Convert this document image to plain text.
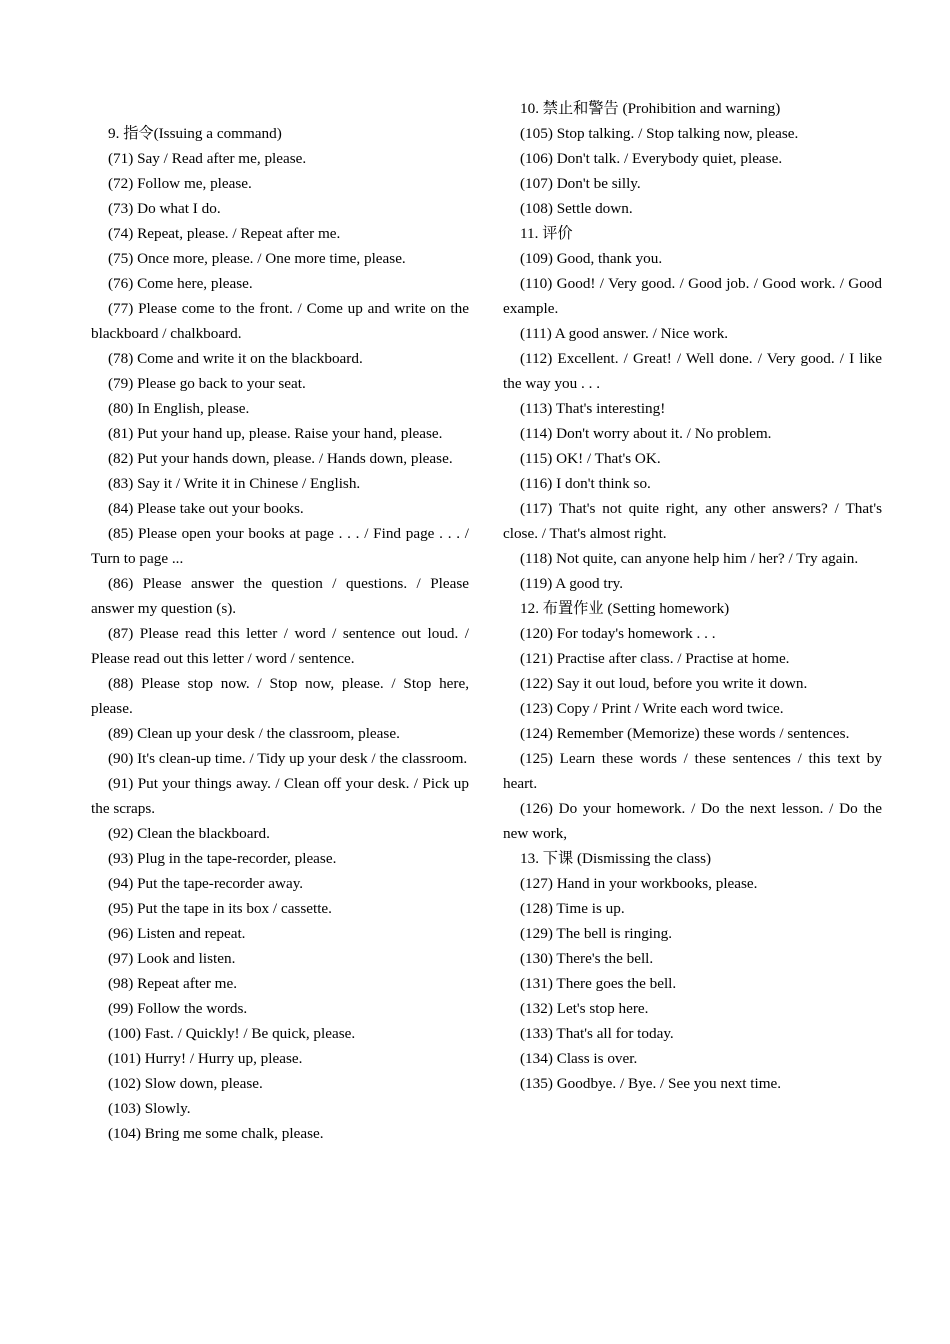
9. 指令(Issuing a command)

(71) Say / Read after me, please.

(72) Follow me, please.

(73) Do what I do.

(74) Repeat, please. / Repeat after me.

(75) Once more, please. / One more time, please.

(76) Come here, please.

(77) Please come to the front. / Come up and write on the blackboard / chalkboard.

(78) Come and write it on the blackboard.

(79) Please go back to your seat.

(80) In English, please.

(81) Put your hand up, please. Raise your hand, please.

(82) Put your hands down, please. / Hands down, please.

(83) Say it / Write it in Chinese / English.

(84) Please take out your books.

(85) Please open your books at page . . . / Find page . . . / Turn to page ...

(86) Please answer the question / questions. / Please answer my question (s).

(87) Please read this letter / word / sentence out loud. / Please read out this letter / word / sentence.

(88) Please stop now. / Stop now, please. / Stop here, please.

(89) Clean up your desk / the classroom, please.

(90) It's clean-up time. / Tidy up your desk / the classroom.

(91) Put your things away. / Clean off your desk. / Pick up the scraps.

(92) Clean the blackboard.

(93) Plug in the tape-recorder, please.

(94) Put the tape-recorder away.

(95) Put the tape in its box / cassette.

(96) Listen and repeat.

(97) Look and listen.

(98) Repeat after me.

(99) Follow the words.

(100) Fast. / Quickly! / Be quick, please.

(101) Hurry! / Hurry up, please.

(102) Slow down, please.

(103) Slowly.

(104) Bring me some chalk, please.

10. 禁止和警告 (Prohibition and warning)

(105) Stop talking. / Stop talking now, please.

(106) Don't talk. / Everybody quiet, please.

(107) Don't be silly.

(108) Settle down.

11. 评价

(109) Good, thank you.

(110) Good! / Very good. / Good job. / Good work. / Good example.

(111) A good answer. / Nice work.

(112) Excellent. / Great! / Well done. / Very good. / I like the way you . . .

(113) That's interesting!

(114) Don't worry about it. / No problem.

(115) OK! / That's OK.

(116) I don't think so.

(117) That's not quite right, any other answers? / That's close. / That's almost right.

(118) Not quite, can anyone help him / her? / Try again.

(119) A good try.

12. 布置作业 (Setting homework)

(120) For today's homework . . .

(121) Practise after class. / Practise at home.

(122) Say it out loud, before you write it down.

(123) Copy / Print / Write each word twice.

(124) Remember (Memorize) these words / sentences.

(125) Learn these words / these sentences / this text by heart.

(126) Do your homework. / Do the next lesson. / Do the new work,

13. 下课 (Dismissing the class)

(127) Hand in your workbooks, please.

(128) Time is up.

(129) The bell is ringing.

(130) There's the bell.

(131) There goes the bell.

(132) Let's stop here.

(133) That's all for today.

(134) Class is over.

(135) Goodbye. / Bye. / See you next time.
